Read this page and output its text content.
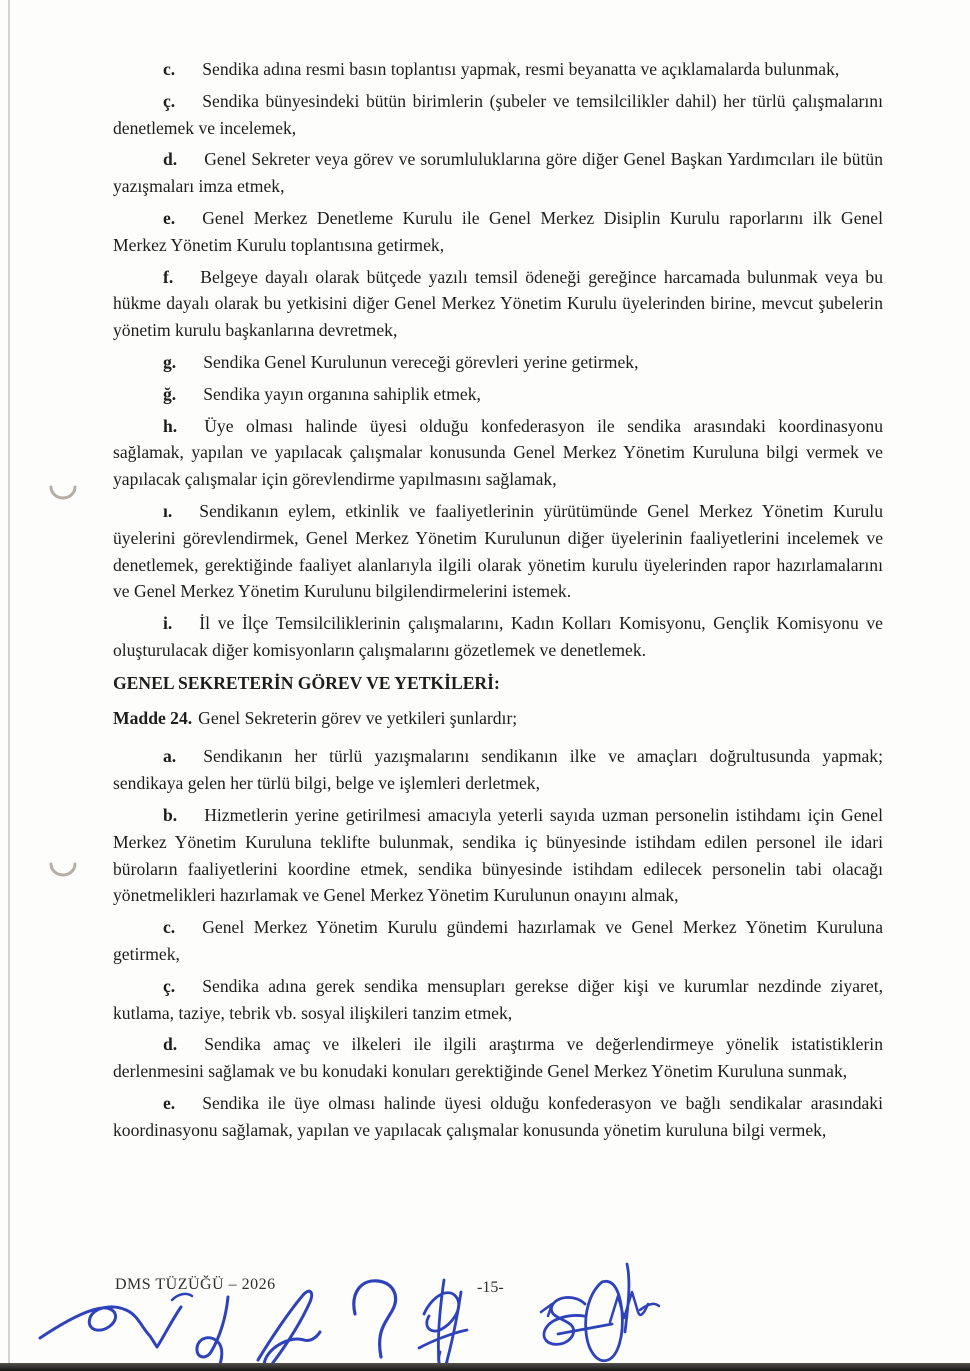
c. Sendika adına resmi basın toplantısı yapmak, resmi beyanatta ve açıklamalarda bulunmak,

ç. Sendika bünyesindeki bütün birimlerin (şubeler ve temsilcilikler dahil) her türlü çalışmalarını denetlemek ve incelemek,

d. Genel Sekreter veya görev ve sorumluluklarına göre diğer Genel Başkan Yardımcıları ile bütün yazışmaları imza etmek,

e. Genel Merkez Denetleme Kurulu ile Genel Merkez Disiplin Kurulu raporlarını ilk Genel Merkez Yönetim Kurulu toplantısına getirmek,

f. Belgeye dayalı olarak bütçede yazılı temsil ödeneği gereğince harcamada bulunmak veya bu hükme dayalı olarak bu yetkisini diğer Genel Merkez Yönetim Kurulu üyelerinden birine, mevcut şubelerin yönetim kurulu başkanlarına devretmek,

g. Sendika Genel Kurulunun vereceği görevleri yerine getirmek,

ğ. Sendika yayın organına sahiplik etmek,

h. Üye olması halinde üyesi olduğu konfederasyon ile sendika arasındaki koordinasyonu sağlamak, yapılan ve yapılacak çalışmalar konusunda Genel Merkez Yönetim Kuruluna bilgi vermek ve yapılacak çalışmalar için görevlendirme yapılmasını sağlamak,

ı. Sendikanın eylem, etkinlik ve faaliyetlerinin yürütümünde Genel Merkez Yönetim Kurulu üyelerini görevlendirmek, Genel Merkez Yönetim Kurulunun diğer üyelerinin faaliyetlerini incelemek ve denetlemek, gerektiğinde faaliyet alanlarıyla ilgili olarak yönetim kurulu üyelerinden rapor hazırlamalarını ve Genel Merkez Yönetim Kurulunu bilgilendirmelerini istemek.

i. İl ve İlçe Temsilciliklerinin çalışmalarını, Kadın Kolları Komisyonu, Gençlik Komisyonu ve oluşturulacak diğer komisyonların çalışmalarını gözetlemek ve denetlemek.

GENEL SEKRETERİN GÖREV VE YETKİLERİ:

Madde 24. Genel Sekreterin görev ve yetkileri şunlardır;

a. Sendikanın her türlü yazışmalarını sendikanın ilke ve amaçları doğrultusunda yapmak; sendikaya gelen her türlü bilgi, belge ve işlemleri derletmek,

b. Hizmetlerin yerine getirilmesi amacıyla yeterli sayıda uzman personelin istihdamı için Genel Merkez Yönetim Kuruluna teklifte bulunmak, sendika iç bünyesinde istihdam edilen personel ile idari büroların faaliyetlerini koordine etmek, sendika bünyesinde istihdam edilecek personelin tabi olacağı yönetmelikleri hazırlamak ve Genel Merkez Yönetim Kurulunun onayını almak,

c. Genel Merkez Yönetim Kurulu gündemi hazırlamak ve Genel Merkez Yönetim Kuruluna getirmek,

ç. Sendika adına gerek sendika mensupları gerekse diğer kişi ve kurumlar nezdinde ziyaret, kutlama, taziye, tebrik vb. sosyal ilişkileri tanzim etmek,

d. Sendika amaç ve ilkeleri ile ilgili araştırma ve değerlendirmeye yönelik istatistiklerin derlenmesini sağlamak ve bu konudaki konuları gerektiğinde Genel Merkez Yönetim Kuruluna sunmak,

e. Sendika ile üye olması halinde üyesi olduğu konfederasyon ve bağlı sendikalar arasındaki koordinasyonu sağlamak, yapılan ve yapılacak çalışmalar konusunda yönetim kuruluna bilgi vermek,

DMS TÜZÜĞÜ – 2026	-15-
